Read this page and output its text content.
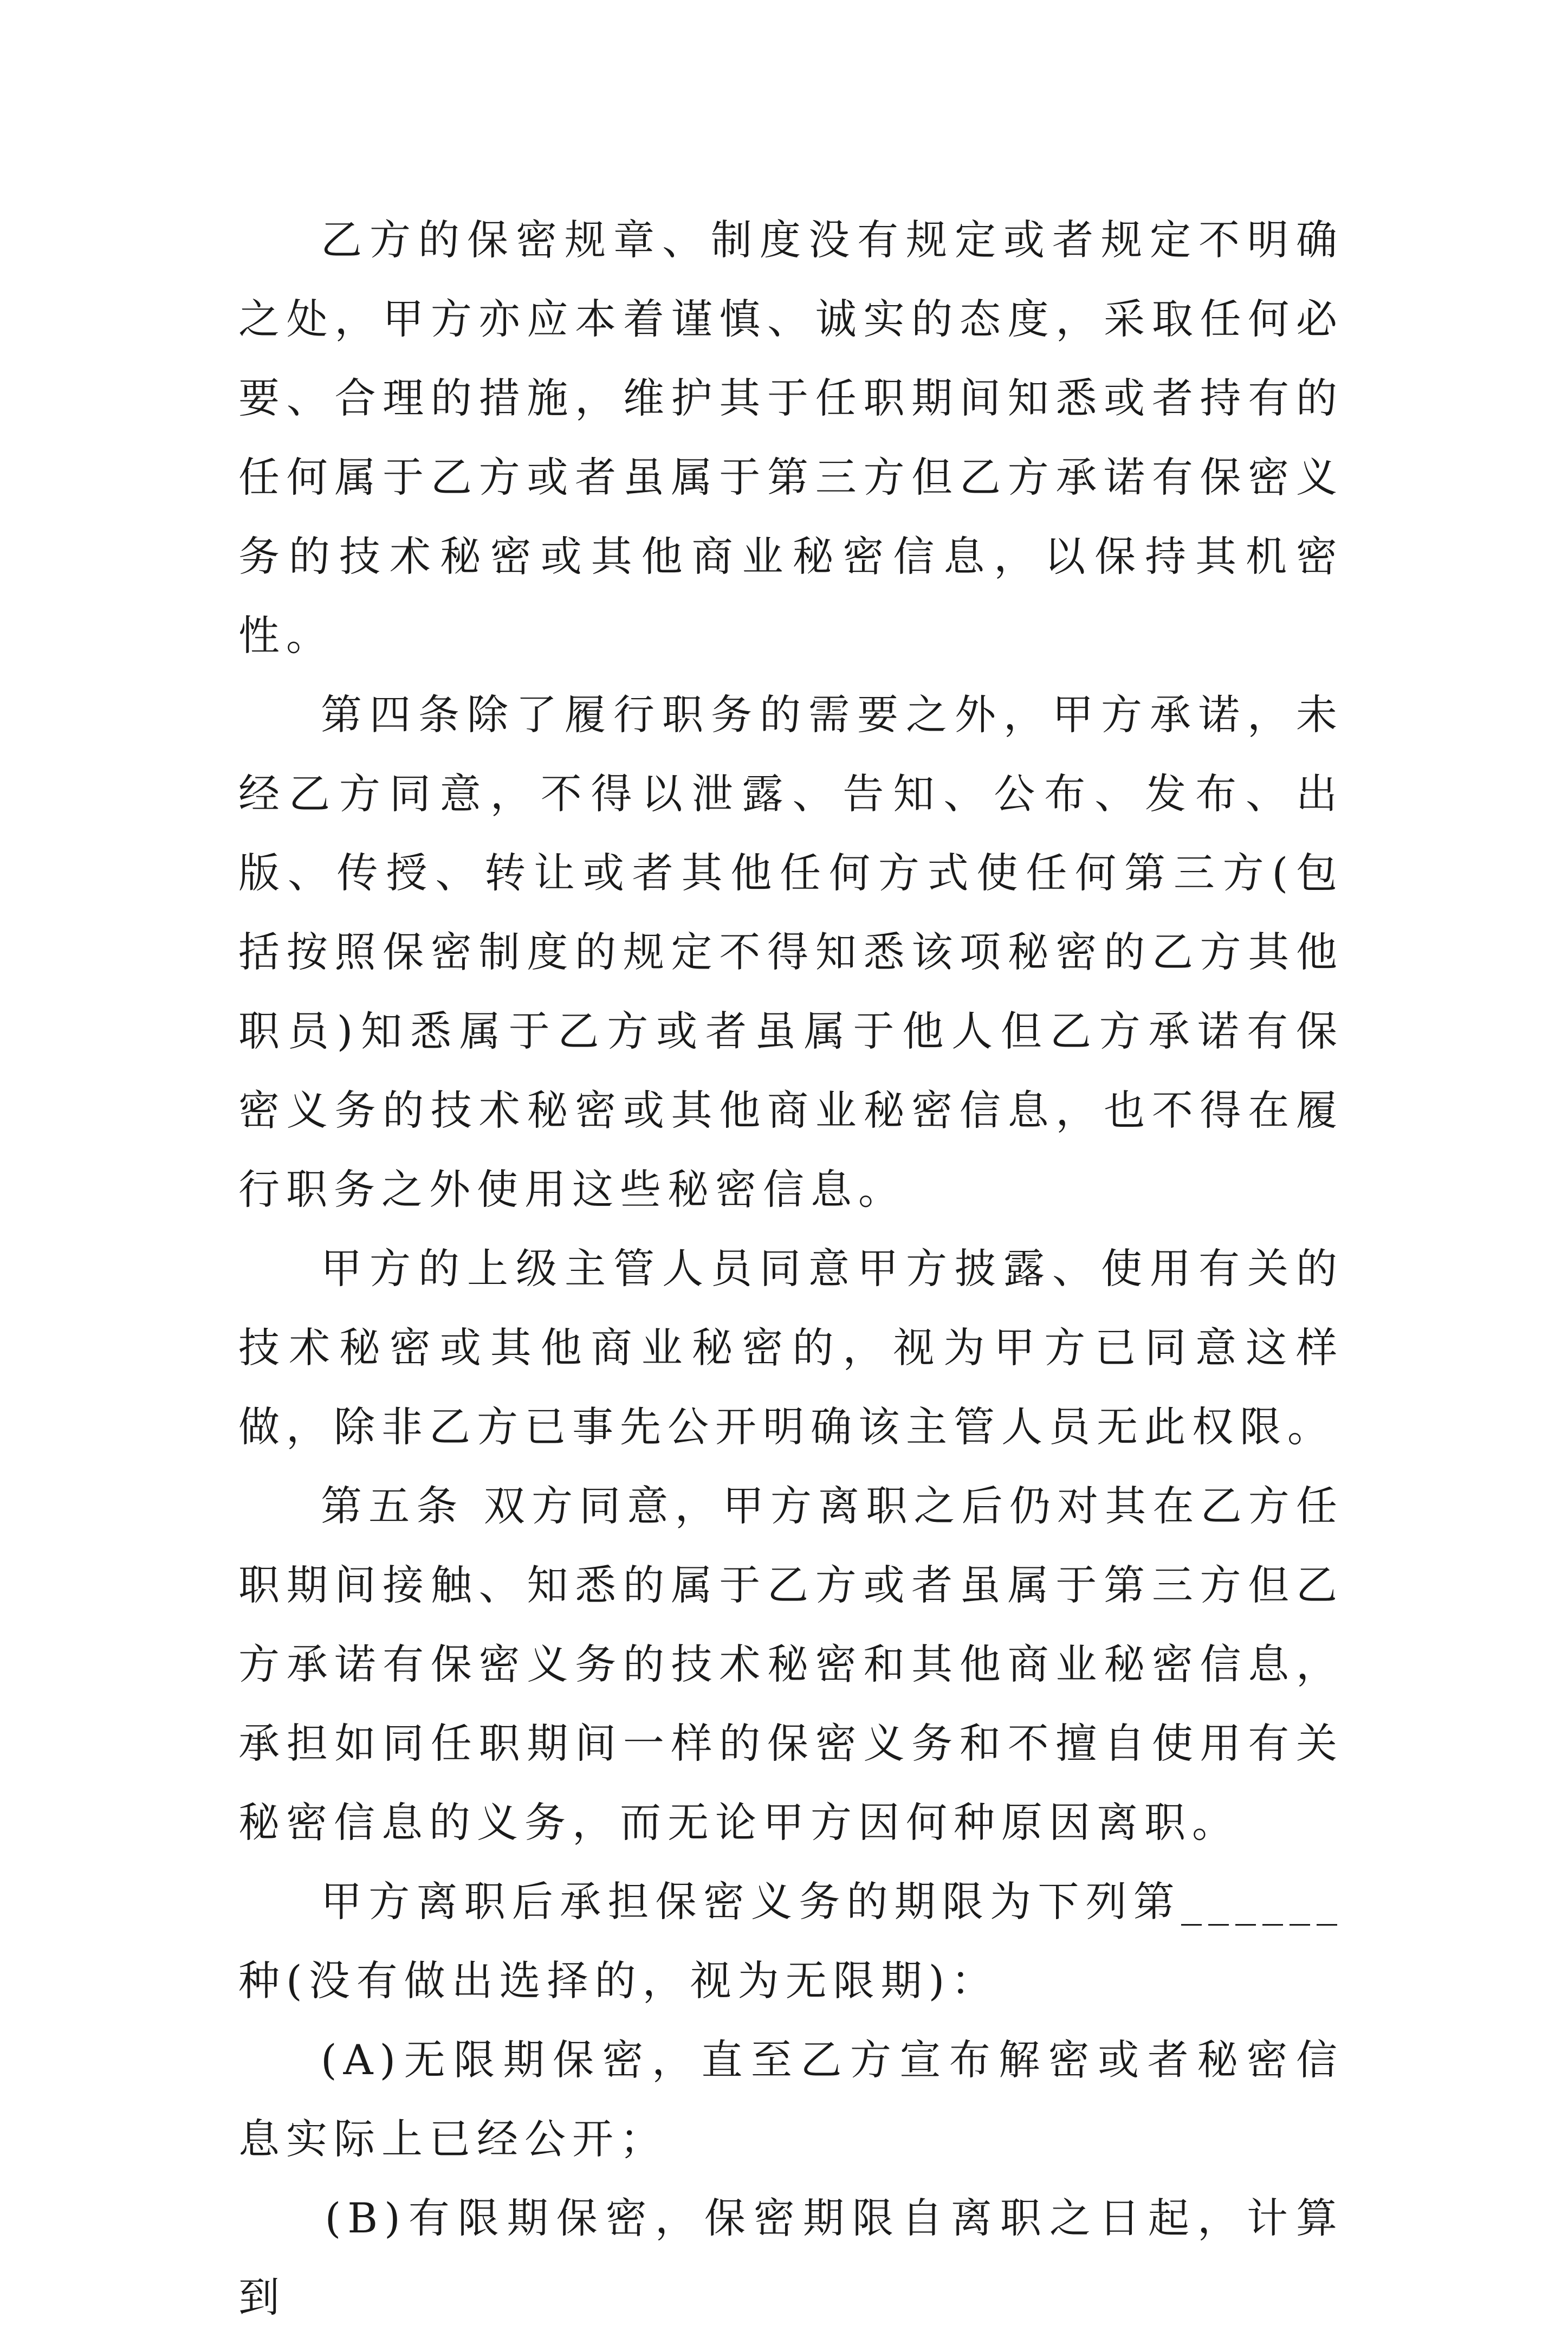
乙方的保密规章、制度没有规定或者规定不明确之处，甲方亦应本着谨慎、诚实的态度，采取任何必要、合理的措施，维护其于任职期间知悉或者持有的任何属于乙方或者虽属于第三方但乙方承诺有保密义务的技术秘密或其他商业秘密信息，以保持其机密性。

第四条除了履行职务的需要之外，甲方承诺，未经乙方同意，不得以泄露、告知、公布、发布、出版、传授、转让或者其他任何方式使任何第三方(包括按照保密制度的规定不得知悉该项秘密的乙方其他职员)知悉属于乙方或者虽属于他人但乙方承诺有保密义务的技术秘密或其他商业秘密信息，也不得在履行职务之外使用这些秘密信息。

甲方的上级主管人员同意甲方披露、使用有关的技术秘密或其他商业秘密的，视为甲方已同意这样做，除非乙方已事先公开明确该主管人员无此权限。

第五条 双方同意，甲方离职之后仍对其在乙方任职期间接触、知悉的属于乙方或者虽属于第三方但乙方承诺有保密义务的技术秘密和其他商业秘密信息，承担如同任职期间一样的保密义务和不擅自使用有关秘密信息的义务，而无论甲方因何种原因离职。

甲方离职后承担保密义务的期限为下列第______种(没有做出选择的，视为无限期)：

(A)无限期保密，直至乙方宣布解密或者秘密信息实际上已经公开；

(B)有限期保密，保密期限自离职之日起，计算到
